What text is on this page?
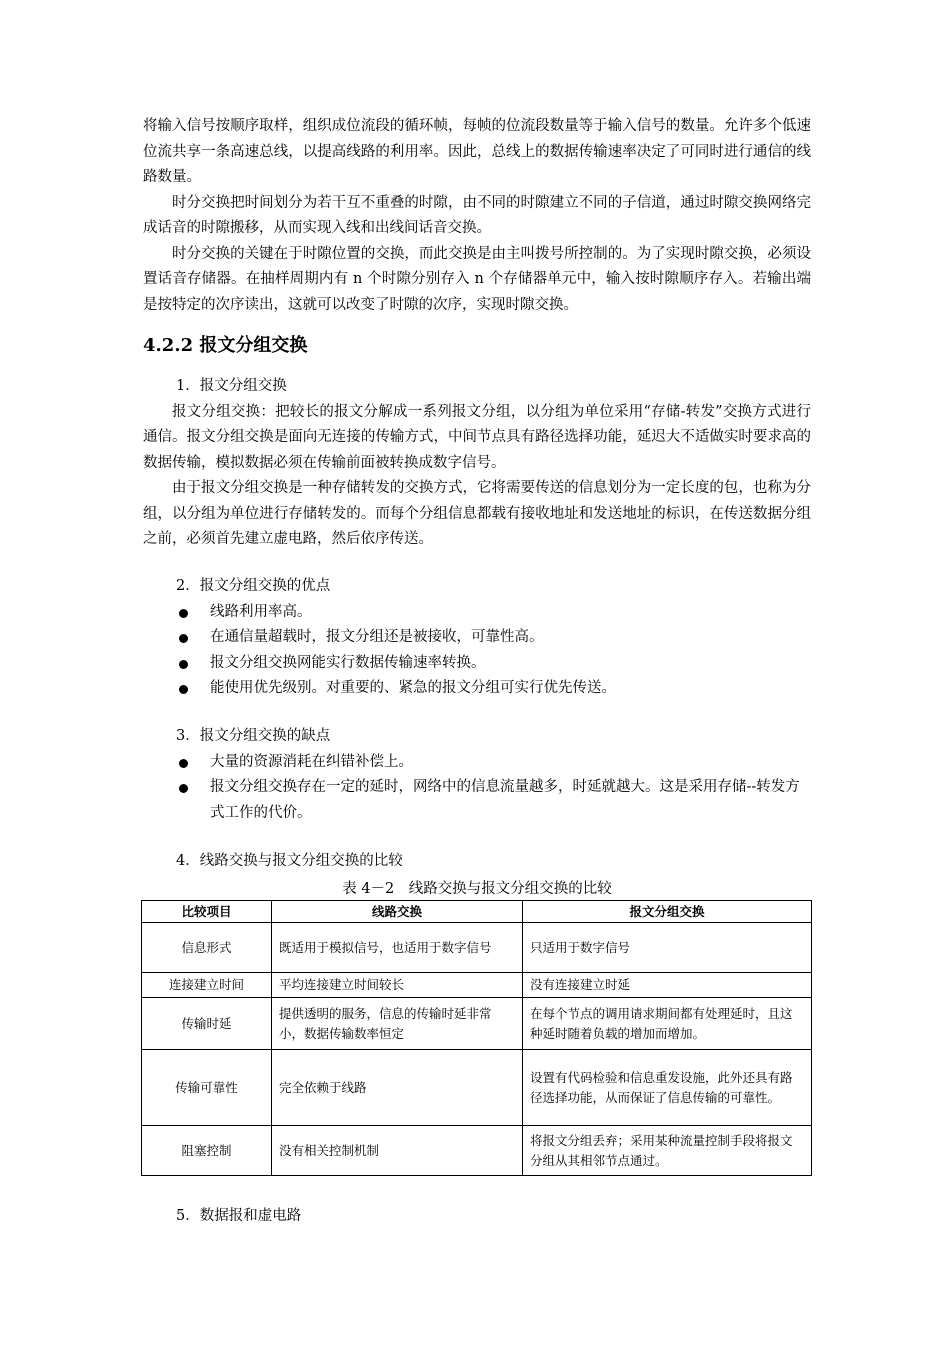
将输入信号按顺序取样，组织成位流段的循环帧，每帧的位流段数量等于输入信号的数量。允许多个低速位流共享一条高速总线，以提高线路的利用率。因此，总线上的数据传输速率决定了可同时进行通信的线路数量。

时分交换把时间划分为若干互不重叠的时隙，由不同的时隙建立不同的子信道，通过时隙交换网络完成话音的时隙搬移，从而实现入线和出线间话音交换。

时分交换的关键在于时隙位置的交换，而此交换是由主叫拨号所控制的。为了实现时隙交换，必须设置话音存储器。在抽样周期内有 n 个时隙分别存入 n 个存储器单元中，输入按时隙顺序存入。若输出端是按特定的次序读出，这就可以改变了时隙的次序，实现时隙交换。

4.2.2 报文分组交换

1．报文分组交换

报文分组交换：把较长的报文分解成一系列报文分组，以分组为单位采用“存储-转发”交换方式进行通信。报文分组交换是面向无连接的传输方式，中间节点具有路径选择功能，延迟大不适做实时要求高的数据传输，模拟数据必须在传输前面被转换成数字信号。

由于报文分组交换是一种存储转发的交换方式，它将需要传送的信息划分为一定长度的包，也称为分组，以分组为单位进行存储转发的。而每个分组信息都载有接收地址和发送地址的标识，在传送数据分组之前，必须首先建立虚电路，然后依序传送。

2．报文分组交换的优点

线路利用率高。
在通信量超载时，报文分组还是被接收，可靠性高。
报文分组交换网能实行数据传输速率转换。
能使用优先级别。对重要的、紧急的报文分组可实行优先传送。

3．报文分组交换的缺点

大量的资源消耗在纠错补偿上。
报文分组交换存在一定的延时，网络中的信息流量越多，时延就越大。这是采用存储--转发方式工作的代价。

4．线路交换与报文分组交换的比较

表 4－2　线路交换与报文分组交换的比较
比较项目	线路交换	报文分组交换
信息形式	既适用于模拟信号，也适用于数字信号	只适用于数字信号
连接建立时间	平均连接建立时间较长	没有连接建立时延
传输时延	提供透明的服务，信息的传输时延非常小，数据传输数率恒定	在每个节点的调用请求期间都有处理延时，且这种延时随着负载的增加而增加。
传输可靠性	完全依赖于线路	设置有代码检验和信息重发设施，此外还具有路径选择功能，从而保证了信息传输的可靠性。
阻塞控制	没有相关控制机制	将报文分组丢弃；采用某种流量控制手段将报文分组从其相邻节点通过。

5．数据报和虚电路
